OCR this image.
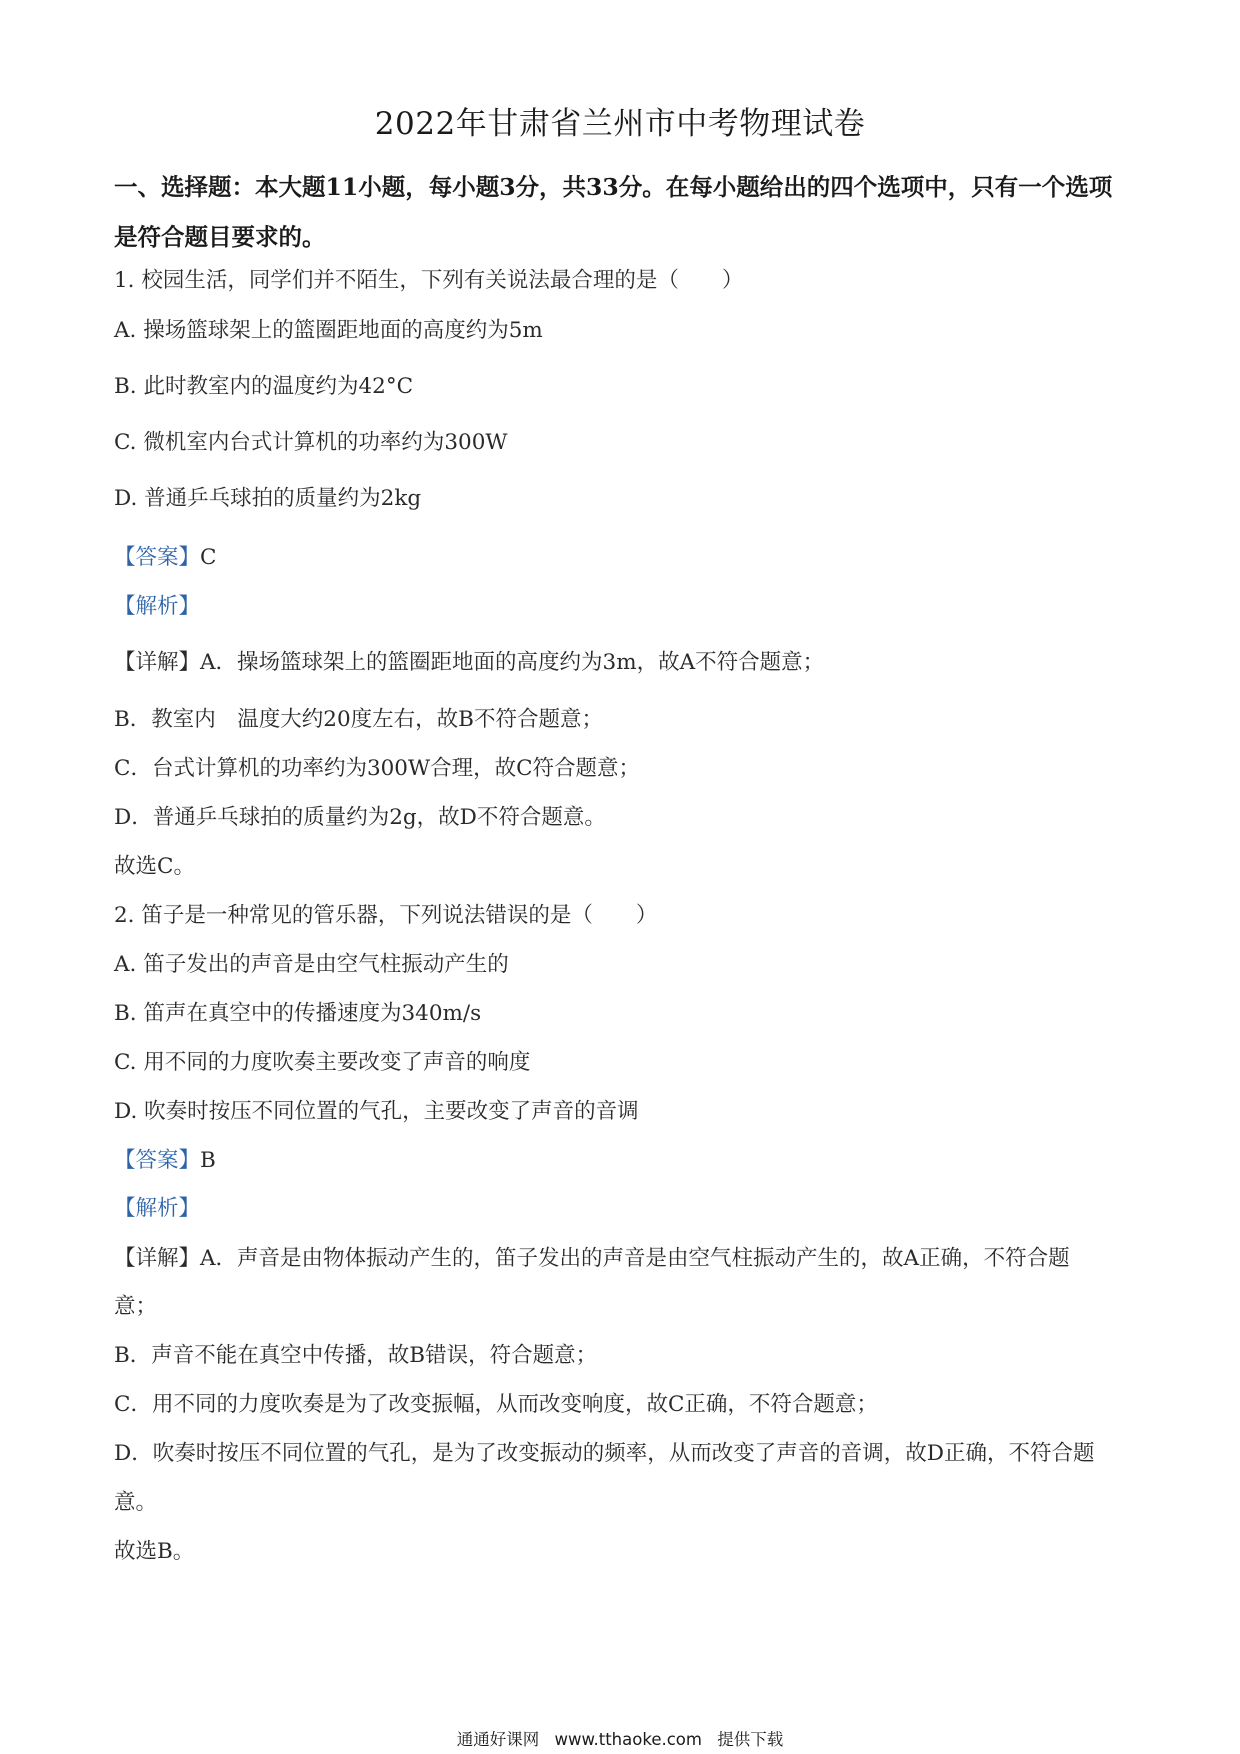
2022年甘肃省兰州市中考物理试卷
一、选择题：本大题11小题，每小题3分，共33分。在每小题给出的四个选项中，只有一个选项是符合题目要求的。
1. 校园生活，同学们并不陌生，下列有关说法最合理的是（　　）
A. 操场篮球架上的篮圈距地面的高度约为5m
B. 此时教室内的温度约为42°C
C. 微机室内台式计算机的功率约为300W
D. 普通乒乓球拍的质量约为2kg
【答案】C
【解析】
【详解】A．操场篮球架上的篮圈距地面的高度约为3m，故A不符合题意；
B．教室内　温度大约20度左右，故B不符合题意；
C．台式计算机的功率约为300W合理，故C符合题意；
D．普通乒乓球拍的质量约为2g，故D不符合题意。
故选C。
2. 笛子是一种常见的管乐器，下列说法错误的是（　　）
A. 笛子发出的声音是由空气柱振动产生的
B. 笛声在真空中的传播速度为340m/s
C. 用不同的力度吹奏主要改变了声音的响度
D. 吹奏时按压不同位置的气孔，主要改变了声音的音调
【答案】B
【解析】
【详解】A．声音是由物体振动产生的，笛子发出的声音是由空气柱振动产生的，故A正确，不符合题
意；
B．声音不能在真空中传播，故B错误，符合题意；
C．用不同的力度吹奏是为了改变振幅，从而改变响度，故C正确，不符合题意；
D．吹奏时按压不同位置的气孔，是为了改变振动的频率，从而改变了声音的音调，故D正确，不符合题
意。
故选B。
通通好课网 www.tthaoke.com 提供下载
